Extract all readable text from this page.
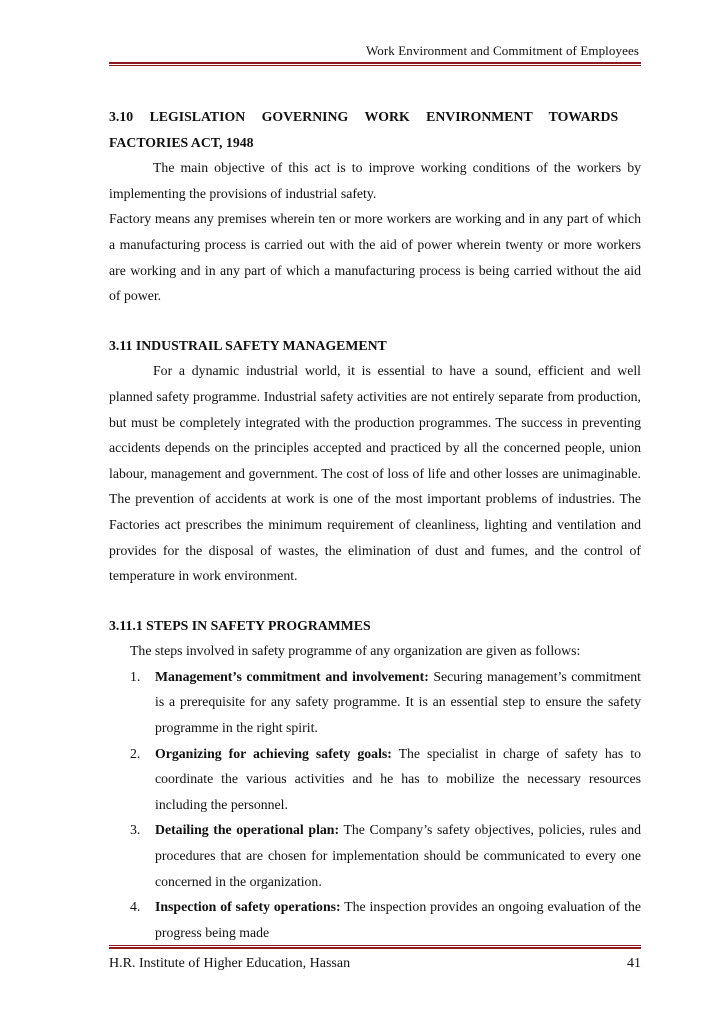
Work Environment and Commitment of Employees
3.10 LEGISLATION GOVERNING WORK ENVIRONMENT TOWARDS
FACTORIES ACT, 1948

The main objective of this act is to improve working conditions of the workers by implementing the provisions of industrial safety.

Factory means any premises wherein ten or more workers are working and in any part of which a manufacturing process is carried out with the aid of power wherein twenty or more workers are working and in any part of which a manufacturing process is being carried without the aid of power.

3.11 INDUSTRAIL SAFETY MANAGEMENT

For a dynamic industrial world, it is essential to have a sound, efficient and well planned safety programme. Industrial safety activities are not entirely separate from production, but must be completely integrated with the production programmes. The success in preventing accidents depends on the principles accepted and practiced by all the concerned people, union labour, management and government. The cost of loss of life and other losses are unimaginable. The prevention of accidents at work is one of the most important problems of industries. The Factories act prescribes the minimum requirement of cleanliness, lighting and ventilation and provides for the disposal of wastes, the elimination of dust and fumes, and the control of temperature in work environment.

3.11.1 STEPS IN SAFETY PROGRAMMES
The steps involved in safety programme of any organization are given as follows:
1. Management’s commitment and involvement: Securing management’s commitment is a prerequisite for any safety programme. It is an essential step to ensure the safety programme in the right spirit.
2. Organizing for achieving safety goals: The specialist in charge of safety has to coordinate the various activities and he has to mobilize the necessary resources including the personnel.
3. Detailing the operational plan: The Company’s safety objectives, policies, rules and procedures that are chosen for implementation should be communicated to every one concerned in the organization.
4. Inspection of safety operations: The inspection provides an ongoing evaluation of the progress being made
H.R. Institute of Higher Education, Hassan	41
